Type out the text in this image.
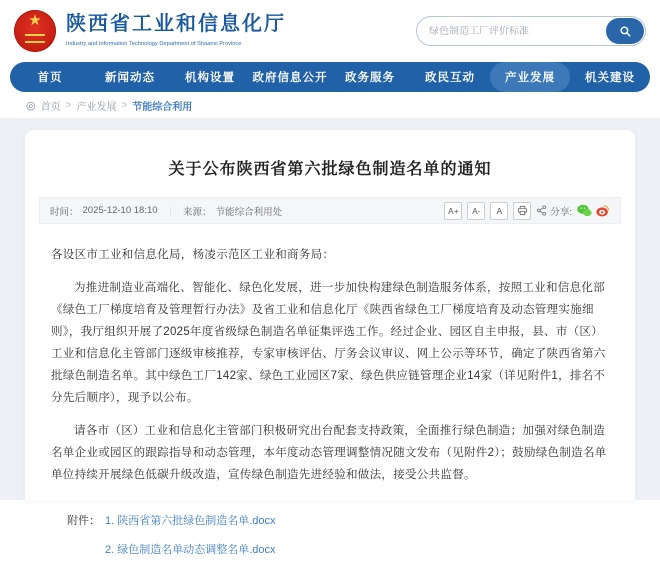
★	陕西省工业和信息化厅
Industry and Information Technology Department of Shaanxi Province
绿色制造工厂评价标准
首页	新闻动态	机构设置	政府信息公开	政务服务	政民互动	产业发展	机关建设
◎ 首页 > 产业发展 > 节能综合利用
关于公布陕西省第六批绿色制造名单的通知
时间： 2025-12-10 18:10 ｜ 来源： 节能综合利用处	A+	A-	A	分享:

各设区市工业和信息化局，杨凌示范区工业和商务局：

为推进制造业高端化、智能化、绿色化发展，进一步加快构建绿色制造服务体系，按照工业和信息化部《绿色工厂梯度培育及管理暂行办法》及省工业和信息化厅《陕西省绿色工厂梯度培育及动态管理实施细则》，我厅组织开展了2025年度省级绿色制造名单征集评选工作。经过企业、园区自主申报，县、市（区）工业和信息化主管部门逐级审核推荐，专家审核评估、厅务会议审议、网上公示等环节，确定了陕西省第六批绿色制造名单。其中绿色工厂142家、绿色工业园区7家、绿色供应链管理企业14家（详见附件1，排名不分先后顺序），现予以公布。

请各市（区）工业和信息化主管部门积极研究出台配套支持政策，全面推行绿色制造；加强对绿色制造名单企业或园区的跟踪指导和动态管理，本年度动态管理调整情况随文发布（见附件2）；鼓励绿色制造名单单位持续开展绿色低碳升级改造，宣传绿色制造先进经验和做法，接受公共监督。

附件： 1. 陕西省第六批绿色制造名单.docx
2. 绿色制造名单动态调整名单.docx
